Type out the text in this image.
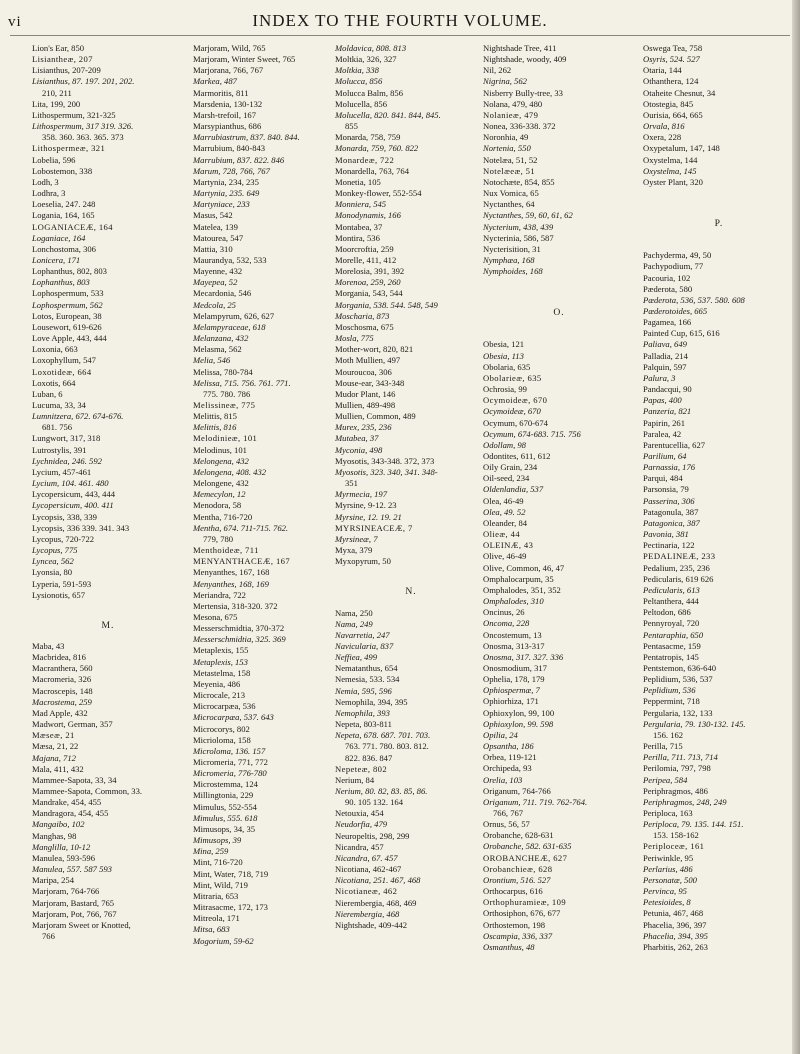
vi	INDEX TO THE FOURTH VOLUME.
Lion's Ear, 850
Lisiantheæ, 207
Lisianthus, 207-209
Lisianthus, 87. 197. 201, 202.
210, 211
Lita, 199, 200
Lithospermum, 321-325
Lithospermum, 317 319. 326.
358. 360. 363. 365. 373
Lithospermeæ, 321
Lobelia, 596
Lobostemon, 338
Lodh, 3
Lodhra, 3
Loeselia, 247. 248
Logania, 164, 165
LOGANIACEÆ, 164
Loganiace, 164
Lonchostoma, 306
Lonicera, 171
Lophanthus, 802, 803
Lophanthus, 803
Lophospermum, 533
Lophospermum, 562
Lotos, European, 38
Lousewort, 619-626
Love Apple, 443, 444
Loxonia, 663
Loxophyllum, 547
Loxotideæ, 664
Loxotis, 664
Luban, 6
Lucuma, 33, 34
Lumnitzera, 672. 674-676.
681. 756
Lungwort, 317, 318
Lutrostylis, 391
Lychnidea, 246. 592
Lycium, 457-461
Lycium, 104. 461. 480
Lycopersicum, 443, 444
Lycopersicum, 400. 411
Lycopsis, 338, 339
Lycopsis, 336 339. 341. 343
Lycopus, 720-722
Lycopus, 775
Lyncea, 562
Lyonsia, 80
Lyperia, 591-593
Lysionotis, 657
M.
Maba, 43
Macbridea, 816
Macranthera, 560
Macromeria, 326
Macroscepis, 148
Macrostema, 259
Mad Apple, 432
Madwort, German, 357
Mæseæ, 21
Mæsa, 21, 22
Majana, 712
Mala, 411, 432
Mammee-Sapota, 33, 34
Mammee-Sapota, Common, 33.
Mandrake, 454, 455
Mandragora, 454, 455
Mangaibo, 102
Manghas, 98
Manglilla, 10-12
Manulea, 593-596
Manulea, 557. 587 593
Maripa, 254
Marjoram, 764-766
Marjoram, Bastard, 765
Marjoram, Pot, 766, 767
Marjoram Sweet or Knotted,
766
Marjoram, Wild, 765
Marjoram, Winter Sweet, 765
Marjorana, 766, 767
Markea, 487
Marmoritis, 811
Marsdenia, 130-132
Marsh-trefoil, 167
Marsypianthus, 686
Marrubiastrum, 837. 840. 844.
Marrubium, 840-843
Marrubium, 837. 822. 846
Marum, 728, 766, 767
Martynia, 234, 235
Martynia, 235. 649
Martyniace, 233
Masus, 542
Matelea, 139
Matourea, 547
Mattia, 310
Maurandya, 532, 533
Mayenne, 432
Mayepea, 52
Mecardonia, 546
Medcola, 25
Melampyrum, 626, 627
Melampyraceae, 618
Melanzana, 432
Melasma, 562
Melia, 546
Melissa, 780-784
Melissa, 715. 756. 761. 771.
775. 780. 786
Melissineæ, 775
Melittis, 815
Melittis, 816
Melodinieæ, 101
Melodinus, 101
Melongena, 432
Melongena, 408. 432
Melongene, 432
Memecylon, 12
Menodora, 58
Mentha, 716-720
Mentha, 674. 711-715. 762.
779, 780
Menthoideæ, 711
MENYANTHACEÆ, 167
Menyanthes, 167, 168
Menyanthes, 168, 169
Meriandra, 722
Mertensia, 318-320. 372
Mesona, 675
Messerschmidtia, 370-372
Messerschmidtia, 325. 369
Metaplexis, 155
Metaplexis, 153
Metastelma, 158
Meyenia, 486
Microcale, 213
Microcarpæa, 536
Microcarpæa, 537. 643
Microcorys, 802
Micrioloma, 158
Microloma, 136. 157
Micromeria, 771, 772
Micromeria, 776-780
Microstemma, 124
Millingtonia, 229
Mimulus, 552-554
Mimulus, 555. 618
Mimusops, 34, 35
Mimusops, 39
Mina, 259
Mint, 716-720
Mint, Water, 718, 719
Mint, Wild, 719
Mitraria, 653
Mitrasacme, 172, 173
Mitreola, 171
Mitsa, 683
Mogorium, 59-62
Moldavica, 808. 813
Moltkia, 326, 327
Moltkia, 338
Molucca, 856
Molucca Balm, 856
Molucella, 856
Molucella, 820. 841. 844, 845.
855
Monarda, 758, 759
Monarda, 759, 760. 822
Monardeæ, 722
Monardella, 763, 764
Monetia, 105
Monkey-flower, 552-554
Monniera, 545
Monodynamis, 166
Montabea, 37
Montira, 536
Moorcroftia, 259
Morelle, 411, 412
Morelosia, 391, 392
Morenoa, 259, 260
Morgania, 543, 544
Morgania, 538. 544. 548, 549
Moscharia, 873
Moschosma, 675
Mosla, 775
Mother-wort, 820, 821
Moth Mullien, 497
Mouroucoa, 306
Mouse-ear, 343-348
Mudor Plant, 146
Mullien, 489-498
Mullien, Common, 489
Murex, 235, 236
Mutabea, 37
Myconia, 498
Myosotis, 343-348. 372, 373
Myosotis, 323. 340, 341. 348-
351
Myrmecia, 197
Myrsine, 9-12. 23
Myrsine, 12. 19. 21
MYRSINEACEÆ, 7
Myrsineæ, 7
Myxa, 379
Myxopyrum, 50
N.
Nama, 250
Nama, 249
Navarretia, 247
Navicularia, 837
Neffiea, 499
Nematanthus, 654
Nemesia, 533. 534
Nemia, 595, 596
Nemophila, 394, 395
Nemophila, 393
Nepeta, 803-811
Nepeta, 678. 687. 701. 703.
763. 771. 780. 803. 812.
822. 836. 847
Nepeteæ, 802
Nerium, 84
Nerium, 80. 82, 83. 85, 86.
90. 105 132. 164
Netouxia, 454
Neudorfia, 479
Neuropeltis, 298, 299
Nicandra, 457
Nicandra, 67. 457
Nicotiana, 462-467
Nicotiana, 251. 467, 468
Nicotianeæ, 462
Nierembergia, 468, 469
Nierembergia, 468
Nightshade, 409-442
Nightshade Tree, 411
Nightshade, woody, 409
Nil, 262
Nigrina, 562
Nisberry Bully-tree, 33
Nolana, 479, 480
Nolanieæ, 479
Nonea, 336-338. 372
Noronhia, 49
Nortenia, 550
Notelæa, 51, 52
Notelæeæ, 51
Notochæte, 854, 855
Nux Vomica, 65
Nyctanthes, 64
Nyctanthes, 59, 60, 61, 62
Nycterium, 438, 439
Nycterinia, 586, 587
Nycterisition, 31
Nymphæa, 168
Nymphoides, 168
O.
Obesia, 121
Obesia, 113
Obolaria, 635
Obolarieæ, 635
Ochrosia, 99
Ocymoideæ, 670
Ocymoideæ, 670
Ocymum, 670-674
Ocymum, 674-683. 715. 756
Odollam, 98
Odontites, 611, 612
Oily Grain, 234
Oil-seed, 234
Oldenlandia, 537
Olea, 46-49
Olea, 49. 52
Oleander, 84
Olieæ, 44
OLEINÆ, 43
Olive, 46-49
Olive, Common, 46, 47
Omphalocarpum, 35
Omphalodes, 351, 352
Omphalodes, 310
Oncinus, 26
Oncoma, 228
Oncostemum, 13
Onosma, 313-317
Onosma, 317. 327. 336
Onosmodium, 317
Ophelia, 178, 179
Ophiospermæ, 7
Ophiorhiza, 171
Ophioxylon, 99, 100
Ophioxylon, 99. 598
Opilia, 24
Opsantha, 186
Orbea, 119-121
Orchipeda, 93
Orelia, 103
Origanum, 764-766
Origanum, 711. 719. 762-764.
766, 767
Ornus, 56, 57
Orobanche, 628-631
Orobanche, 582. 631-635
OROBANCHEÆ, 627
Orobanchieæ, 628
Orontium, 516. 527
Orthocarpus, 616
Orthophuramieæ, 109
Orthosiphon, 676, 677
Orthostemon, 198
Oscampia, 336, 337
Osmanthus, 48
Oswega Tea, 758
Osyris, 524. 527
Otaria, 144
Othanthera, 124
Otaheite Chesnut, 34
Otostegia, 845
Ourisia, 664, 665
Orvala, 816
Oxera, 228
Oxypetalum, 147, 148
Oxystelma, 144
Oxystelma, 145
Oyster Plant, 320
P.
Pachyderma, 49, 50
Pachypodium, 77
Pacouria, 102
Pæderota, 580
Pæderota, 536, 537. 580. 608
Pæderotoides, 665
Pagamea, 166
Painted Cup, 615, 616
Paliava, 649
Palladia, 214
Palquin, 597
Palura, 3
Pandacqui, 90
Papas, 400
Panzeria, 821
Papirin, 261
Paralea, 42
Parentucellia, 627
Parilium, 64
Parnassia, 176
Parqui, 484
Parsonsia, 79
Passerina, 306
Patagonula, 387
Patagonica, 387
Pavonia, 381
Pectinaria, 122
PEDALINEÆ, 233
Pedalium, 235, 236
Pedicularis, 619 626
Pedicularis, 613
Peltanthera, 444
Peltodon, 686
Pennyroyal, 720
Pentaraphia, 650
Pentasacme, 159
Pentatropis, 145
Pentstemon, 636-640
Peplidium, 536, 537
Peplidium, 536
Peppermint, 718
Pergularia, 132, 133
Pergularia, 79. 130-132. 145.
156. 162
Perilla, 715
Perilla, 711. 713, 714
Perilomia, 797, 798
Peripea, 584
Periphragmos, 486
Periphragmos, 248, 249
Periploca, 163
Periploca, 79. 135. 144. 151.
153. 158-162
Periploceæ, 161
Periwinkle, 95
Perlarius, 486
Personatæ, 500
Pervinca, 95
Petesioides, 8
Petunia, 467, 468
Phacelia, 396, 397
Phacelia, 394, 395
Pharbitis, 262, 263
